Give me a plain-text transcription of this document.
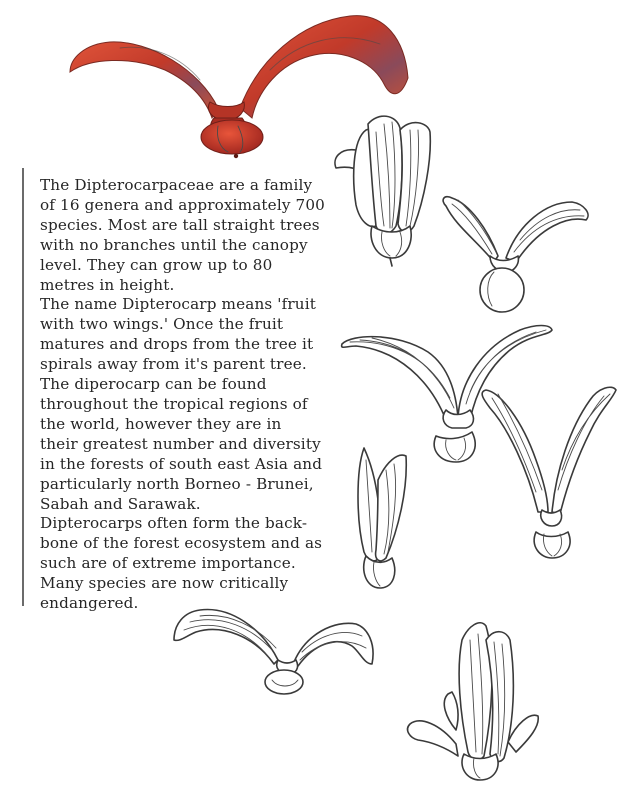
The Dipterocarpaceae are a family

of 16 genera and approximately 700

species. Most are tall straight trees

with no branches until the canopy

level. They can grow up to 80

metres in height.

The name Dipterocarp means 'fruit

with two wings.' Once the fruit

matures and drops from the tree it

spirals away from it's parent tree.

The diperocarp can be found

throughout the tropical regions of

the world, however they are in

their greatest number and diversity

in the forests of south east Asia and

particularly north Borneo - Brunei,

Sabah and Sarawak.

Dipterocarps often form the back-

bone of the forest ecosystem and as

such are of extreme importance.

Many species are now critically

endangered.
